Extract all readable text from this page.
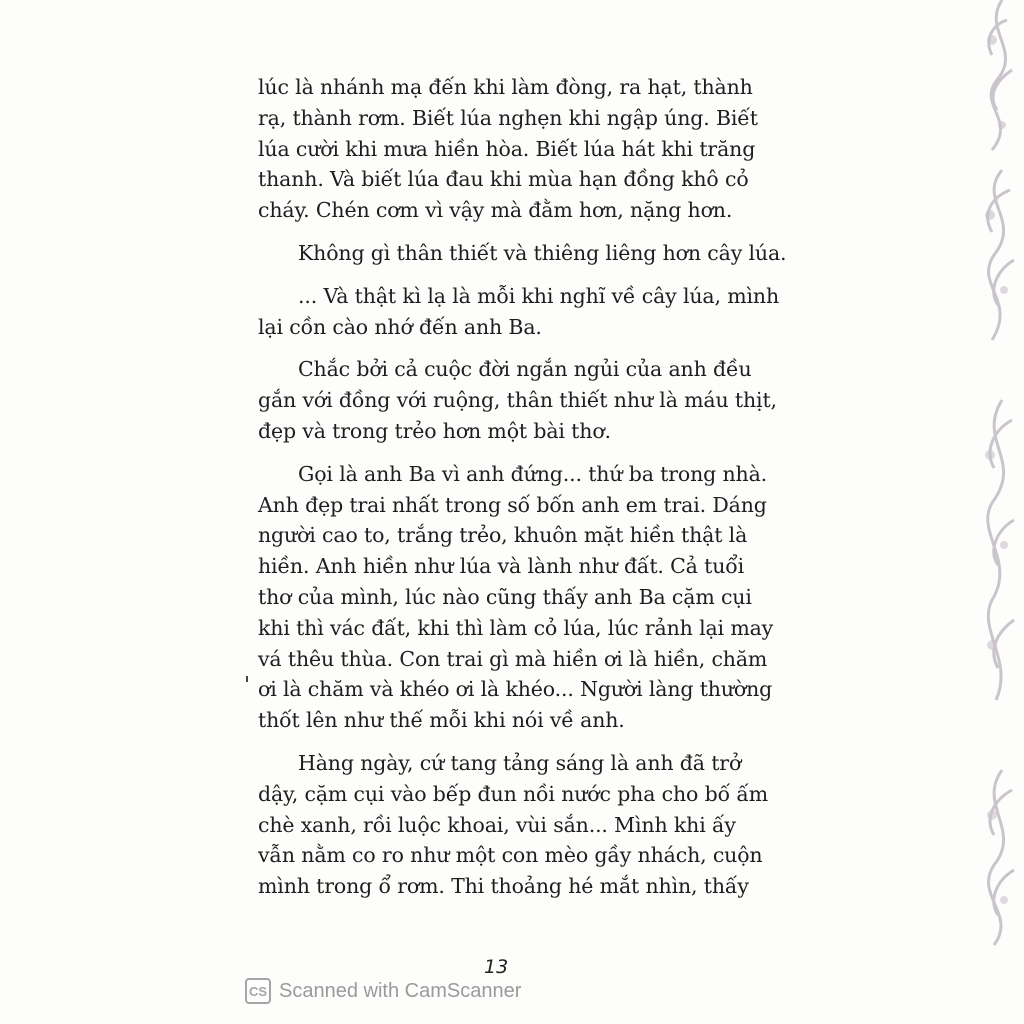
lúc là nhánh mạ đến khi làm đòng, ra hạt, thành
rạ, thành rơm. Biết lúa nghẹn khi ngập úng. Biết
lúa cười khi mưa hiền hòa. Biết lúa hát khi trăng
thanh. Và biết lúa đau khi mùa hạn đồng khô cỏ
cháy. Chén cơm vì vậy mà đằm hơn, nặng hơn.

Không gì thân thiết và thiêng liêng hơn cây lúa.

... Và thật kì lạ là mỗi khi nghĩ về cây lúa, mình
lại cồn cào nhớ đến anh Ba.

Chắc bởi cả cuộc đời ngắn ngủi của anh đều
gắn với đồng với ruộng, thân thiết như là máu thịt,
đẹp và trong trẻo hơn một bài thơ.

Gọi là anh Ba vì anh đứng... thứ ba trong nhà.
Anh đẹp trai nhất trong số bốn anh em trai. Dáng
người cao to, trắng trẻo, khuôn mặt hiền thật là
hiền. Anh hiền như lúa và lành như đất. Cả tuổi
thơ của mình, lúc nào cũng thấy anh Ba cặm cụi
khi thì vác đất, khi thì làm cỏ lúa, lúc rảnh lại may
vá thêu thùa. Con trai gì mà hiền ơi là hiền, chăm
ơi là chăm và khéo ơi là khéo... Người làng thường
thốt lên như thế mỗi khi nói về anh.

Hàng ngày, cứ tang tảng sáng là anh đã trở
dậy, cặm cụi vào bếp đun nồi nước pha cho bố ấm
chè xanh, rồi luộc khoai, vùi sắn... Mình khi ấy
vẫn nằm co ro như một con mèo gầy nhách, cuộn
mình trong ổ rơm. Thi thoảng hé mắt nhìn, thấy

13
CS Scanned with CamScanner
